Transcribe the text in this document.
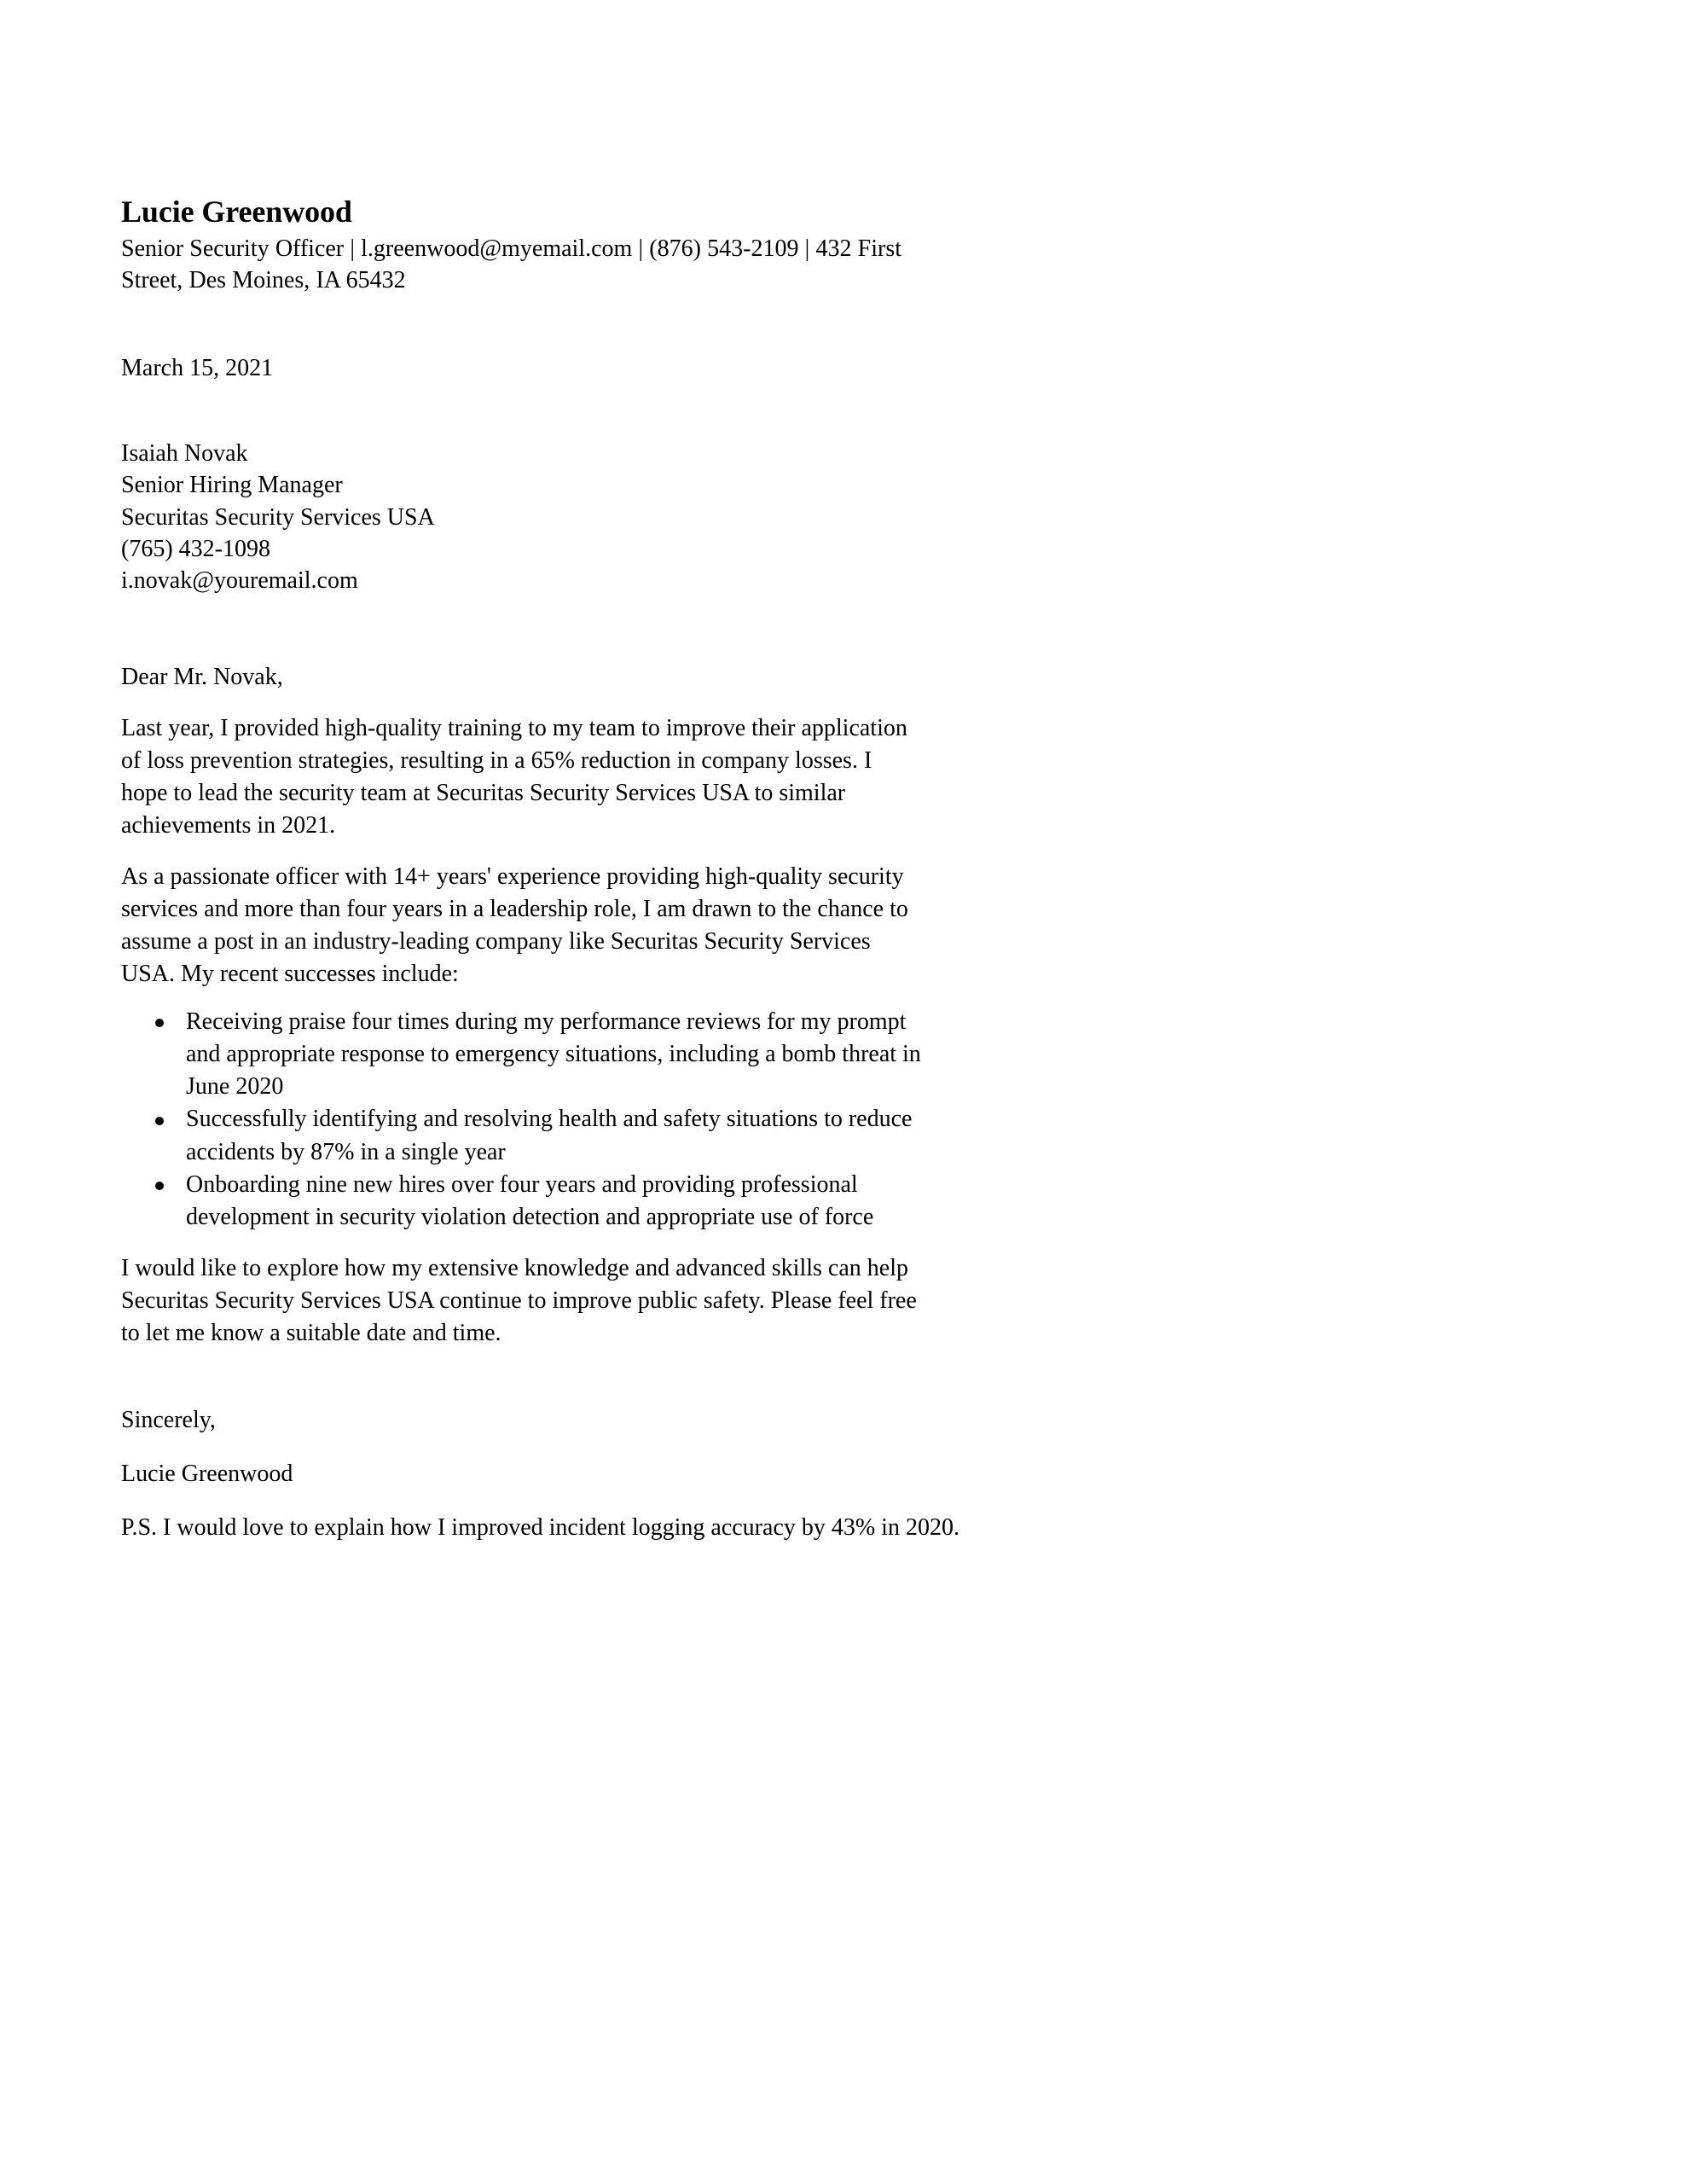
Lucie Greenwood

Senior Security Officer | l.greenwood@myemail.com | (876) 543-2109 | 432 First Street, Des Moines, IA 65432

March 15, 2021

Isaiah Novak

Senior Hiring Manager

Securitas Security Services USA

(765) 432-1098

i.novak@youremail.com

Dear Mr. Novak,

Last year, I provided high-quality training to my team to improve their application of loss prevention strategies, resulting in a 65% reduction in company losses. I hope to lead the security team at Securitas Security Services USA to similar achievements in 2021.

As a passionate officer with 14+ years' experience providing high-quality security services and more than four years in a leadership role, I am drawn to the chance to assume a post in an industry-leading company like Securitas Security Services USA. My recent successes include:

Receiving praise four times during my performance reviews for my prompt and appropriate response to emergency situations, including a bomb threat in June 2020
Successfully identifying and resolving health and safety situations to reduce accidents by 87% in a single year
Onboarding nine new hires over four years and providing professional development in security violation detection and appropriate use of force

I would like to explore how my extensive knowledge and advanced skills can help Securitas Security Services USA continue to improve public safety. Please feel free to let me know a suitable date and time.

Sincerely,

Lucie Greenwood

P.S. I would love to explain how I improved incident logging accuracy by 43% in 2020.
